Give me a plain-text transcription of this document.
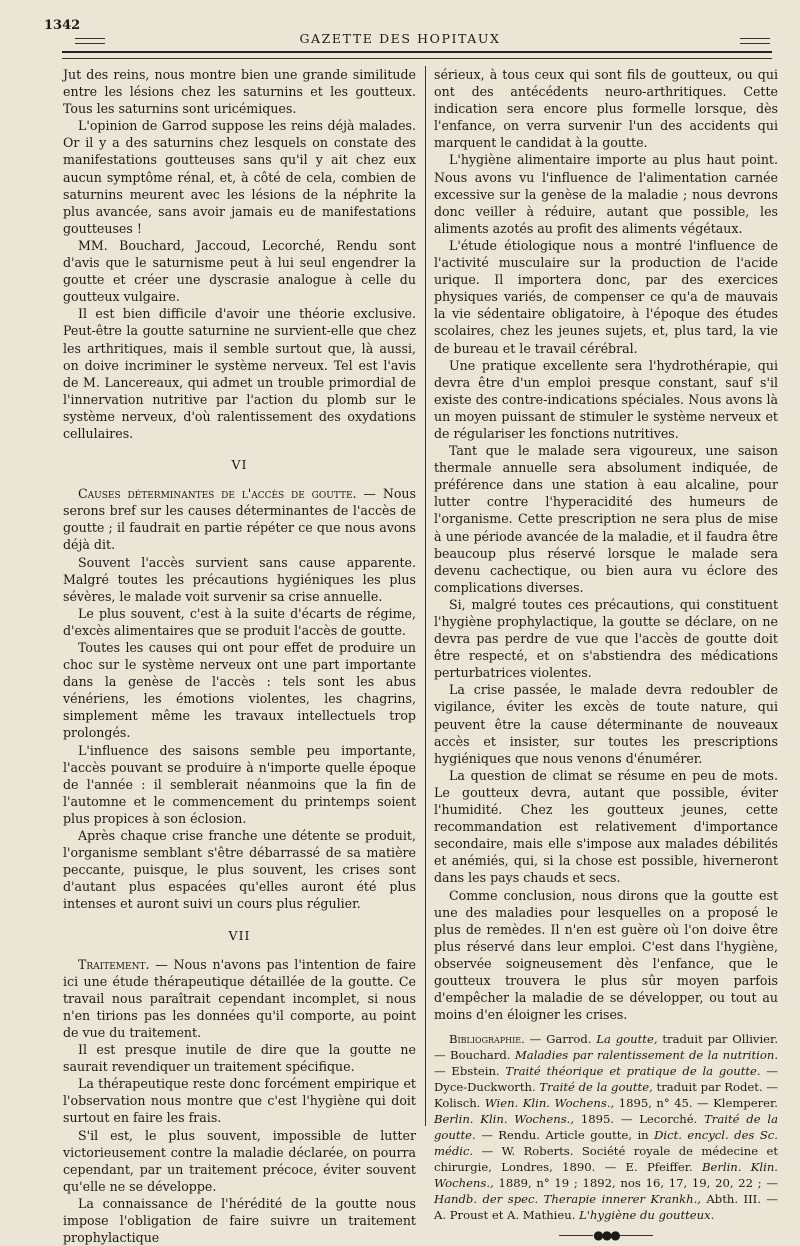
1342
GAZETTE DES HOPITAUX

Jut des reins, nous montre bien une grande similitude entre les lésions chez les saturnins et les goutteux. Tous les saturnins sont uricémiques.

L'opinion de Garrod suppose les reins déjà malades. Or il y a des saturnins chez lesquels on constate des manifestations goutteuses sans qu'il y ait chez eux aucun symptôme rénal, et, à côté de cela, combien de saturnins meurent avec les lésions de la néphrite la plus avancée, sans avoir jamais eu de manifestations goutteuses !

MM. Bouchard, Jaccoud, Lecorché, Rendu sont d'avis que le saturnisme peut à lui seul engendrer la goutte et créer une dyscrasie analogue à celle du goutteux vulgaire.

Il est bien difficile d'avoir une théorie exclusive. Peut-être la goutte saturnine ne survient-elle que chez les arthritiques, mais il semble surtout que, là aussi, on doive incriminer le système nerveux. Tel est l'avis de M. Lancereaux, qui admet un trouble primordial de l'innervation nutritive par l'action du plomb sur le système nerveux, d'où ralentissement des oxydations cellulaires.

VI

Causes déterminantes de l'accès de goutte. — Nous serons bref sur les causes déterminantes de l'accès de goutte ; il faudrait en partie répéter ce que nous avons déjà dit.

Souvent l'accès survient sans cause apparente. Malgré toutes les précautions hygiéniques les plus sévères, le malade voit survenir sa crise annuelle.

Le plus souvent, c'est à la suite d'écarts de régime, d'excès alimentaires que se produit l'accès de goutte.

Toutes les causes qui ont pour effet de produire un choc sur le système nerveux ont une part importante dans la genèse de l'accès : tels sont les abus vénériens, les émotions violentes, les chagrins, simplement même les travaux intellectuels trop prolongés.

L'influence des saisons semble peu importante, l'accès pouvant se produire à n'importe quelle époque de l'année : il semblerait néanmoins que la fin de l'automne et le commencement du printemps soient plus propices à son éclosion.

Après chaque crise franche une détente se produit, l'organisme semblant s'être débarrassé de sa matière peccante, puisque, le plus souvent, les crises sont d'autant plus espacées qu'elles auront été plus intenses et auront suivi un cours plus régulier.

VII

Traitement. — Nous n'avons pas l'intention de faire ici une étude thérapeutique détaillée de la goutte. Ce travail nous paraîtrait cependant incomplet, si nous n'en tirions pas les données qu'il comporte, au point de vue du traitement.

Il est presque inutile de dire que la goutte ne saurait revendiquer un traitement spécifique.

La thérapeutique reste donc forcément empirique et l'observation nous montre que c'est l'hygiène qui doit surtout en faire les frais.

S'il est, le plus souvent, impossible de lutter victorieusement contre la maladie déclarée, on pourra cependant, par un traitement précoce, éviter souvent qu'elle ne se développe.

La connaissance de l'hérédité de la goutte nous impose l'obligation de faire suivre un traitement prophylactique

sérieux, à tous ceux qui sont fils de goutteux, ou qui ont des antécédents neuro-arthritiques. Cette indication sera encore plus formelle lorsque, dès l'enfance, on verra survenir l'un des accidents qui marquent le candidat à la goutte.

L'hygiène alimentaire importe au plus haut point. Nous avons vu l'influence de l'alimentation carnée excessive sur la genèse de la maladie ; nous devrons donc veiller à réduire, autant que possible, les aliments azotés au profit des aliments végétaux.

L'étude étiologique nous a montré l'influence de l'activité musculaire sur la production de l'acide urique. Il importera donc, par des exercices physiques variés, de compenser ce qu'a de mauvais la vie sédentaire obligatoire, à l'époque des études scolaires, chez les jeunes sujets, et, plus tard, la vie de bureau et le travail cérébral.

Une pratique excellente sera l'hydrothérapie, qui devra être d'un emploi presque constant, sauf s'il existe des contre-indications spéciales. Nous avons là un moyen puissant de stimuler le système nerveux et de régulariser les fonctions nutritives.

Tant que le malade sera vigoureux, une saison thermale annuelle sera absolument indiquée, de préférence dans une station à eau alcaline, pour lutter contre l'hyperacidité des humeurs de l'organisme. Cette prescription ne sera plus de mise à une période avancée de la maladie, et il faudra être beaucoup plus réservé lorsque le malade sera devenu cachectique, ou bien aura vu éclore des complications diverses.

Si, malgré toutes ces précautions, qui constituent l'hygiène prophylactique, la goutte se déclare, on ne devra pas perdre de vue que l'accès de goutte doit être respecté, et on s'abstiendra des médications perturbatrices violentes.

La crise passée, le malade devra redoubler de vigilance, éviter les excès de toute nature, qui peuvent être la cause déterminante de nouveaux accès et insister, sur toutes les prescriptions hygiéniques que nous venons d'énumérer.

La question de climat se résume en peu de mots. Le goutteux devra, autant que possible, éviter l'humidité. Chez les goutteux jeunes, cette recommandation est relativement d'importance secondaire, mais elle s'impose aux malades débilités et anémiés, qui, si la chose est possible, hiverneront dans les pays chauds et secs.

Comme conclusion, nous dirons que la goutte est une des maladies pour lesquelles on a proposé le plus de remèdes. Il n'en est guère où l'on doive être plus réservé dans leur emploi. C'est dans l'hygiène, observée soigneusement dès l'enfance, que le goutteux trouvera le plus sûr moyen parfois d'empêcher la maladie de se développer, ou tout au moins d'en éloigner les crises.

Bibliographie. — Garrod. La goutte, traduit par Ollivier. — Bouchard. Maladies par ralentissement de la nutrition. — Ebstein. Traité théorique et pratique de la goutte. — Dyce-Duckworth. Traité de la goutte, traduit par Rodet. — Kolisch. Wien. Klin. Wochens., 1895, n° 45. — Klemperer. Berlin. Klin. Wochens., 1895. — Lecorché. Traité de la goutte. — Rendu. Article goutte, in Dict. encycl. des Sc. médic. — W. Roberts. Société royale de médecine et chirurgie, Londres, 1890. — E. Pfeiffer. Berlin. Klin. Wochens., 1889, n° 19 ; 1892, nos 16, 17, 19, 20, 22 ; — Handb. der spec. Therapie innerer Krankh., Abth. III. — A. Proust et A. Mathieu. L'hygiène du goutteux.

●●●
